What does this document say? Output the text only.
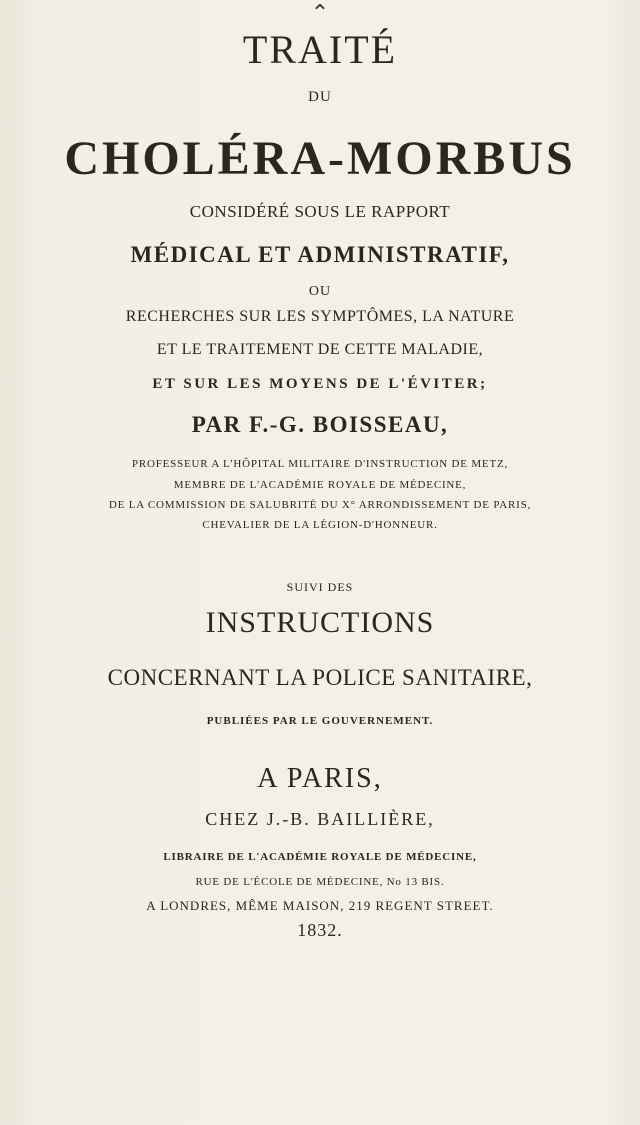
⌃
TRAITÉ
DU
CHOLÉRA-MORBUS
CONSIDÉRÉ SOUS LE RAPPORT
MÉDICAL ET ADMINISTRATIF,
OU
RECHERCHES SUR LES SYMPTÔMES, LA NATURE
ET LE TRAITEMENT DE CETTE MALADIE,
ET SUR LES MOYENS DE L'ÉVITER;
PAR F.-G. BOISSEAU,
PROFESSEUR A L'HÔPITAL MILITAIRE D'INSTRUCTION DE METZ,
MEMBRE DE L'ACADÉMIE ROYALE DE MÉDECINE,
DE LA COMMISSION DE SALUBRITÉ DU X° ARRONDISSEMENT DE PARIS,
CHEVALIER DE LA LÉGION-D'HONNEUR.
SUIVI DES
INSTRUCTIONS
CONCERNANT LA POLICE SANITAIRE,
PUBLIÉES PAR LE GOUVERNEMENT.
A PARIS,
CHEZ J.-B. BAILLIÈRE,
LIBRAIRE DE L'ACADÉMIE ROYALE DE MÉDECINE,
RUE DE L'ÉCOLE DE MÉDECINE, No 13 BIS.
A LONDRES, MÊME MAISON, 219 REGENT STREET.
1832.
